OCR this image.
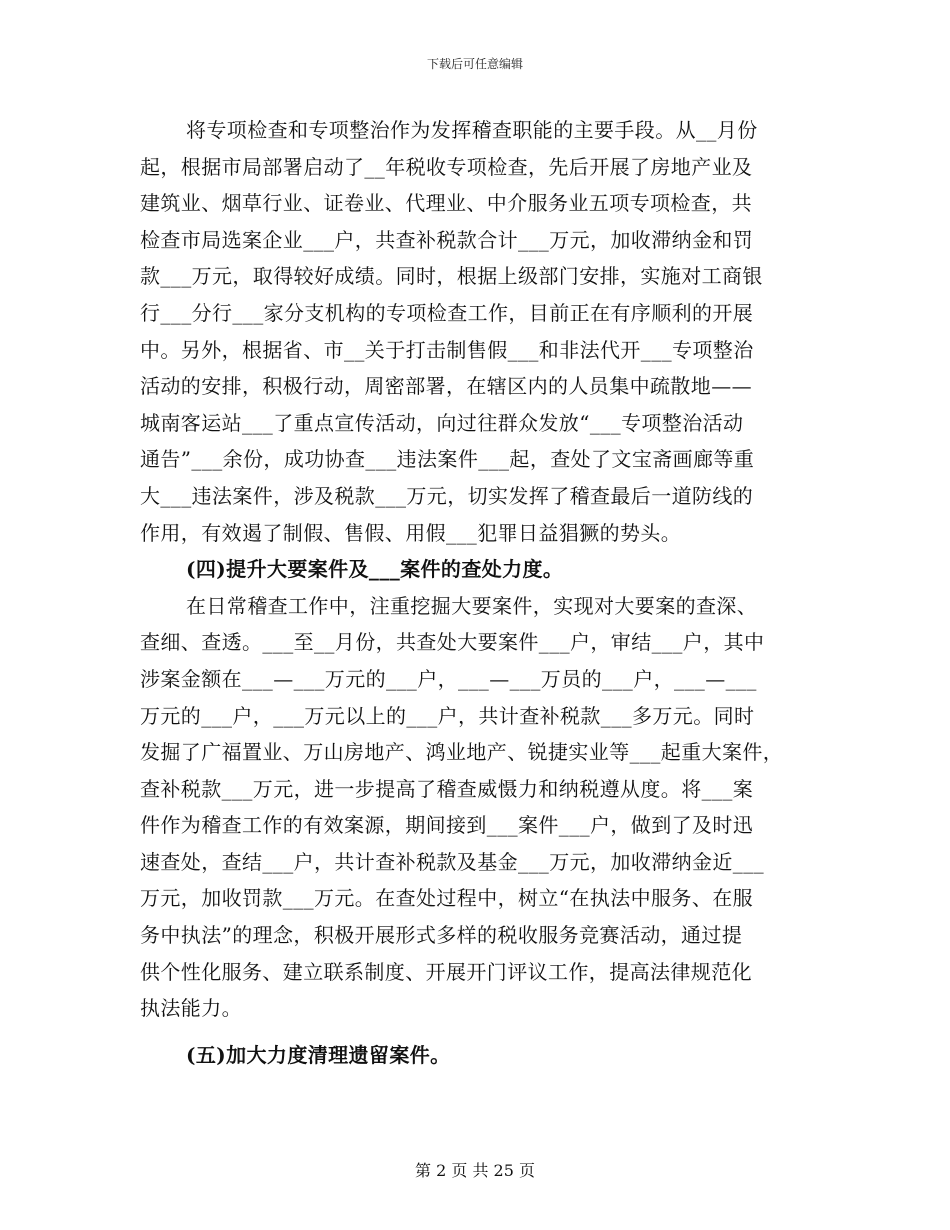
下载后可任意编辑
将专项检查和专项整治作为发挥稽查职能的主要手段。从__月份
起，根据市局部署启动了__年税收专项检查，先后开展了房地产业及
建筑业、烟草行业、证卷业、代理业、中介服务业五项专项检查，共
检查市局选案企业___户，共查补税款合计___万元，加收滞纳金和罚
款___万元，取得较好成绩。同时，根据上级部门安排，实施对工商银
行___分行___家分支机构的专项检查工作，目前正在有序顺利的开展
中。另外，根据省、市__关于打击制售假___和非法代开___专项整治
活动的安排，积极行动，周密部署，在辖区内的人员集中疏散地——
城南客运站___了重点宣传活动，向过往群众发放“___专项整治活动
通告”___余份，成功协查___违法案件___起，查处了文宝斋画廊等重
大___违法案件，涉及税款___万元，切实发挥了稽查最后一道防线的
作用，有效遏了制假、售假、用假___犯罪日益猖獗的势头。
(四)提升大要案件及___案件的查处力度。
在日常稽查工作中，注重挖掘大要案件，实现对大要案的查深、
查细、查透。___至__月份，共查处大要案件___户，审结___户，其中
涉案金额在___—___万元的___户，___—___万员的___户，___—___
万元的___户，___万元以上的___户，共计查补税款___多万元。同时
发掘了广福置业、万山房地产、鸿业地产、锐捷实业等___起重大案件，
查补税款___万元，进一步提高了稽查威慑力和纳税遵从度。将___案
件作为稽查工作的有效案源，期间接到___案件___户，做到了及时迅
速查处，查结___户，共计查补税款及基金___万元，加收滞纳金近___
万元，加收罚款___万元。在查处过程中，树立“在执法中服务、在服
务中执法”的理念，积极开展形式多样的税收服务竞赛活动，通过提
供个性化服务、建立联系制度、开展开门评议工作，提高法律规范化
执法能力。
(五)加大力度清理遗留案件。
第 2 页 共 25 页
